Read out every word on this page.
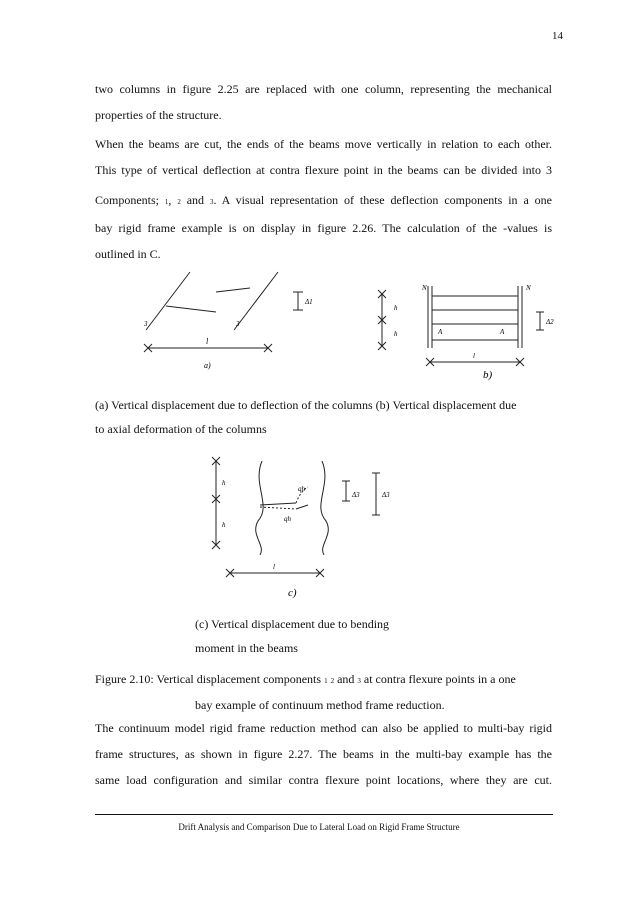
14

two columns in figure 2.25 are replaced with one column, representing the mechanical
properties of the structure.

When the beams are cut, the ends of the beams move vertically in relation to each other.
This type of vertical deflection at contra flexure point in the beams can be divided into 3

Components; 1, 2 and 3. A visual representation of these deflection components in a one
bay rigid frame example is on display in figure 2.26. The calculation of the -values is
outlined in C.

3	3
l
Δ1
a)
N	N
h
h	A	A
l
Δ2
b)

(a) Vertical displacement due to deflection of the columns (b) Vertical displacement due
to axial deformation of the columns

h
h
qh
qh
Δ3	Δ3
l
c)

(c) Vertical displacement due to bending
moment in the beams

Figure 2.10: Vertical displacement components 1 2 and 3 at contra flexure points in a one
bay example of continuum method frame reduction.

The continuum model rigid frame reduction method can also be applied to multi-bay rigid
frame structures, as shown in figure 2.27. The beams in the multi-bay example has the
same load configuration and similar contra flexure point locations, where they are cut.

Drift Analysis and Comparison Due to Lateral Load on Rigid Frame Structure
